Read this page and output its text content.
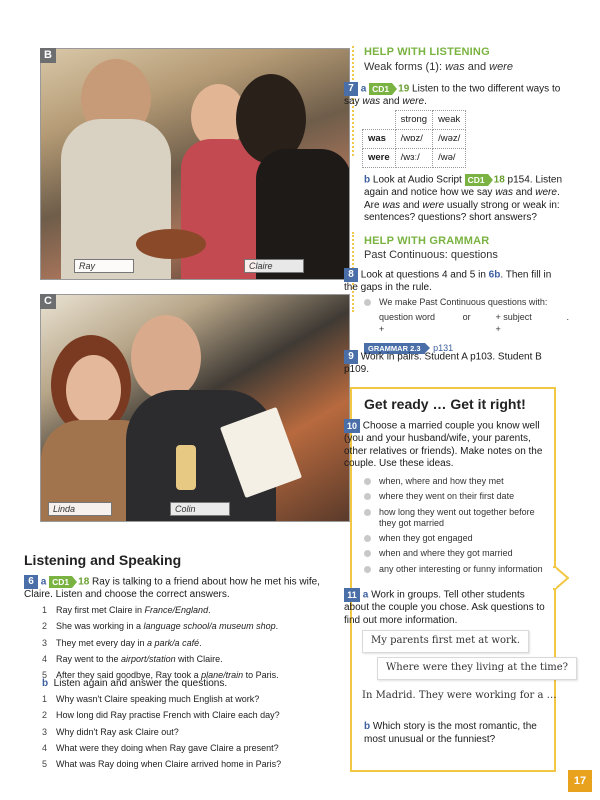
B
Ray	Claire
C
Linda	Colin
Listening and Speaking
6 a CD1 18 Ray is talking to a friend about how he met his wife, Claire. Listen and choose the correct answers.
1 Ray first met Claire in France/England.
2 She was working in a language school/a museum shop.
3 They met every day in a park/a café.
4 Ray went to the airport/station with Claire.
5 After they said goodbye, Ray took a plane/train to Paris.
b Listen again and answer the questions.
1 Why wasn't Claire speaking much English at work?
2 How long did Ray practise French with Claire each day?
3 Why didn't Ray ask Claire out?
4 What were they doing when Ray gave Claire a present?
5 What was Ray doing when Claire arrived home in Paris?
HELP WITH LISTENING
Weak forms (1): was and were
7 a CD1 19 Listen to the two different ways to say was and were.
	strong	weak
was	/wɒz/	/wəz/
were	/wɜː/	/wə/
b Look at Audio Script CD1 18 p154. Listen again and notice how we say was and were. Are was and were usually strong or weak in: sentences? questions? short answers?
HELP WITH GRAMMAR
Past Continuous: questions
8 Look at questions 4 and 5 in 6b. Then fill in the gaps in the rule.
We make Past Continuous questions with:
question word +
or	+ subject +
.
GRAMMAR 2.3 p131
9 Work in pairs. Student A p103. Student B p109.
Get ready … Get it right!
10 Choose a married couple you know well (you and your husband/wife, your parents, other relatives or friends). Make notes on the couple. Use these ideas.
when, where and how they met
where they went on their first date
how long they went out together before they got married
when they got engaged
when and where they got married
any other interesting or funny information
11 a Work in groups. Tell other students about the couple you chose. Ask questions to find out more information.
My parents first met at work.
Where were they living at the time?
In Madrid. They were working for a …
b Which story is the most romantic, the most unusual or the funniest?
17
